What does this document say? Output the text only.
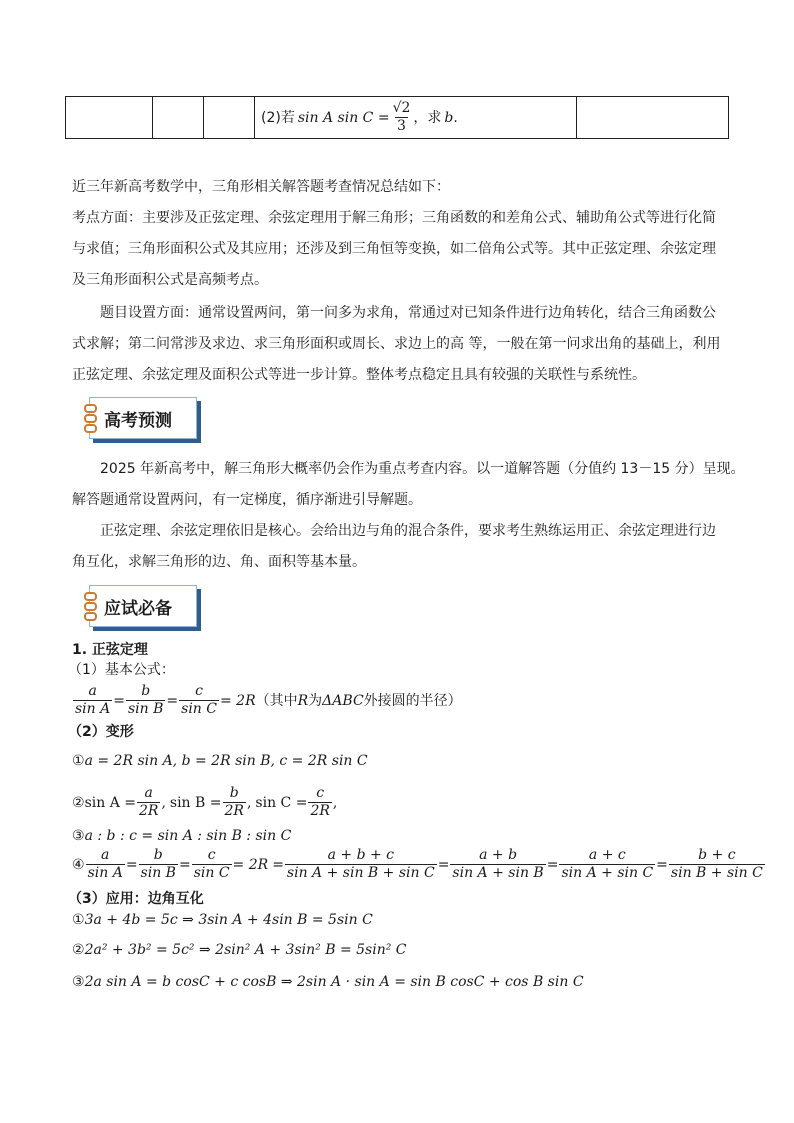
(2)若 sin A $\sin C = \frac{√2}{3}$ ，求 b .

近三年新高考数学中，三角形相关解答题考查情况总结如下：
考点方面：主要涉及正弦定理、余弦定理用于解三角形；三角函数的和差角公式、辅助角公式等进行化简
与求值；三角形面积公式及其应用；还涉及到三角恒等变换，如二倍角公式等。其中正弦定理、余弦定理
及三角形面积公式是高频考点。
题目设置方面：通常设置两问，第一问多为求角，常通过对已知条件进行边角转化，结合三角函数公
式求解；第二问常涉及求边、求三角形面积或周长、求边上的高 等，一般在第一问求出角的基础上，利用
正弦定理、余弦定理及面积公式等进一步计算。整体考点稳定且具有较强的关联性与系统性。
高考预测
2025 年新高考中，解三角形大概率仍会作为重点考查内容。以一道解答题（分值约 13－15 分）呈现。
解答题通常设置两问，有一定梯度，循序渐进引导解题。
正弦定理、余弦定理依旧是核心。会给出边与角的混合条件，要求考生熟练运用正、余弦定理进行边
角互化，求解三角形的边、角、面积等基本量。
应试必备
1. 正弦定理
（1）基本公式：
$\frac{a}{\text{sin A}} = \frac{b}{\text{sin B}} = \frac{c}{\text{sin C}} = 2R$ （其中 R 为 ΔABC 外接圆的半径）
（2）变形
① a = 2R sin A, b = 2R sin B, c = 2R sin C
② $\sin A = \frac{a}{2R}$ , $\sin B = \frac{b}{2R}$ , $\sin C = \frac{c}{2R}$ ,
③ a : b : c = sin A : sin B : sin C
④ $\frac{a}{\text{sin A}} = \frac{b}{\text{sin B}} = \frac{c}{\text{sin C}} = 2R = \frac{a + b + c}{\text{sin A + sin B + sin C}} = \frac{a + b}{\text{sin A + sin B}} = \frac{a + c}{\text{sin A + sin C}} = \frac{b + c}{\text{sin B + sin C}}$
（3）应用：边角互化
① 3a + 4b = 5c ⇒ 3sin A + 4sin B = 5sin C
② 2a² + 3b² = 5c² ⇒ 2sin² A + 3sin² B = 5sin² C
③ 2a sin A = b cosC + c cosB ⇒ 2sin A · sin A = sin B cosC + cos B sin C
